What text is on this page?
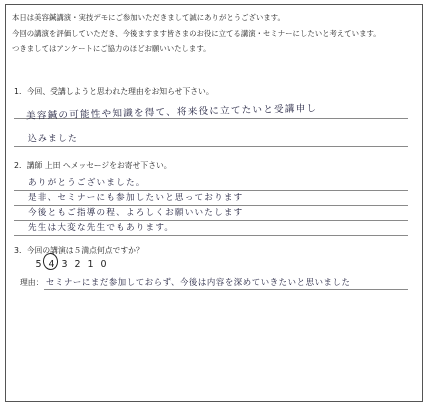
本日は美容鍼講演・実技デモにご参加いただきまして誠にありがとうございます。
今回の講演を評価していただき、今後ますます皆さまのお役に立てる講演・セミナーにしたいと考えています。
つきましてはアンケートにご協力のほどお願いいたします。
1．今回、受講しようと思われた理由をお知らせ下さい。
美容鍼の可能性や知識を得て、将来役に立てたいと受講申し
込みました
2．講師 上田 へメッセージをお寄せ下さい。
ありがとうございました。
是非、セミナーにも参加したいと思っております
今後ともご指導の程、よろしくお願いいたします
先生は大変な先生でもあります。
3．今回の講演は５満点何点ですか？
5 4 3 2 1 0
理由： セミナーにまだ参加しておらず、今後は内容を深めていきたいと思いました
